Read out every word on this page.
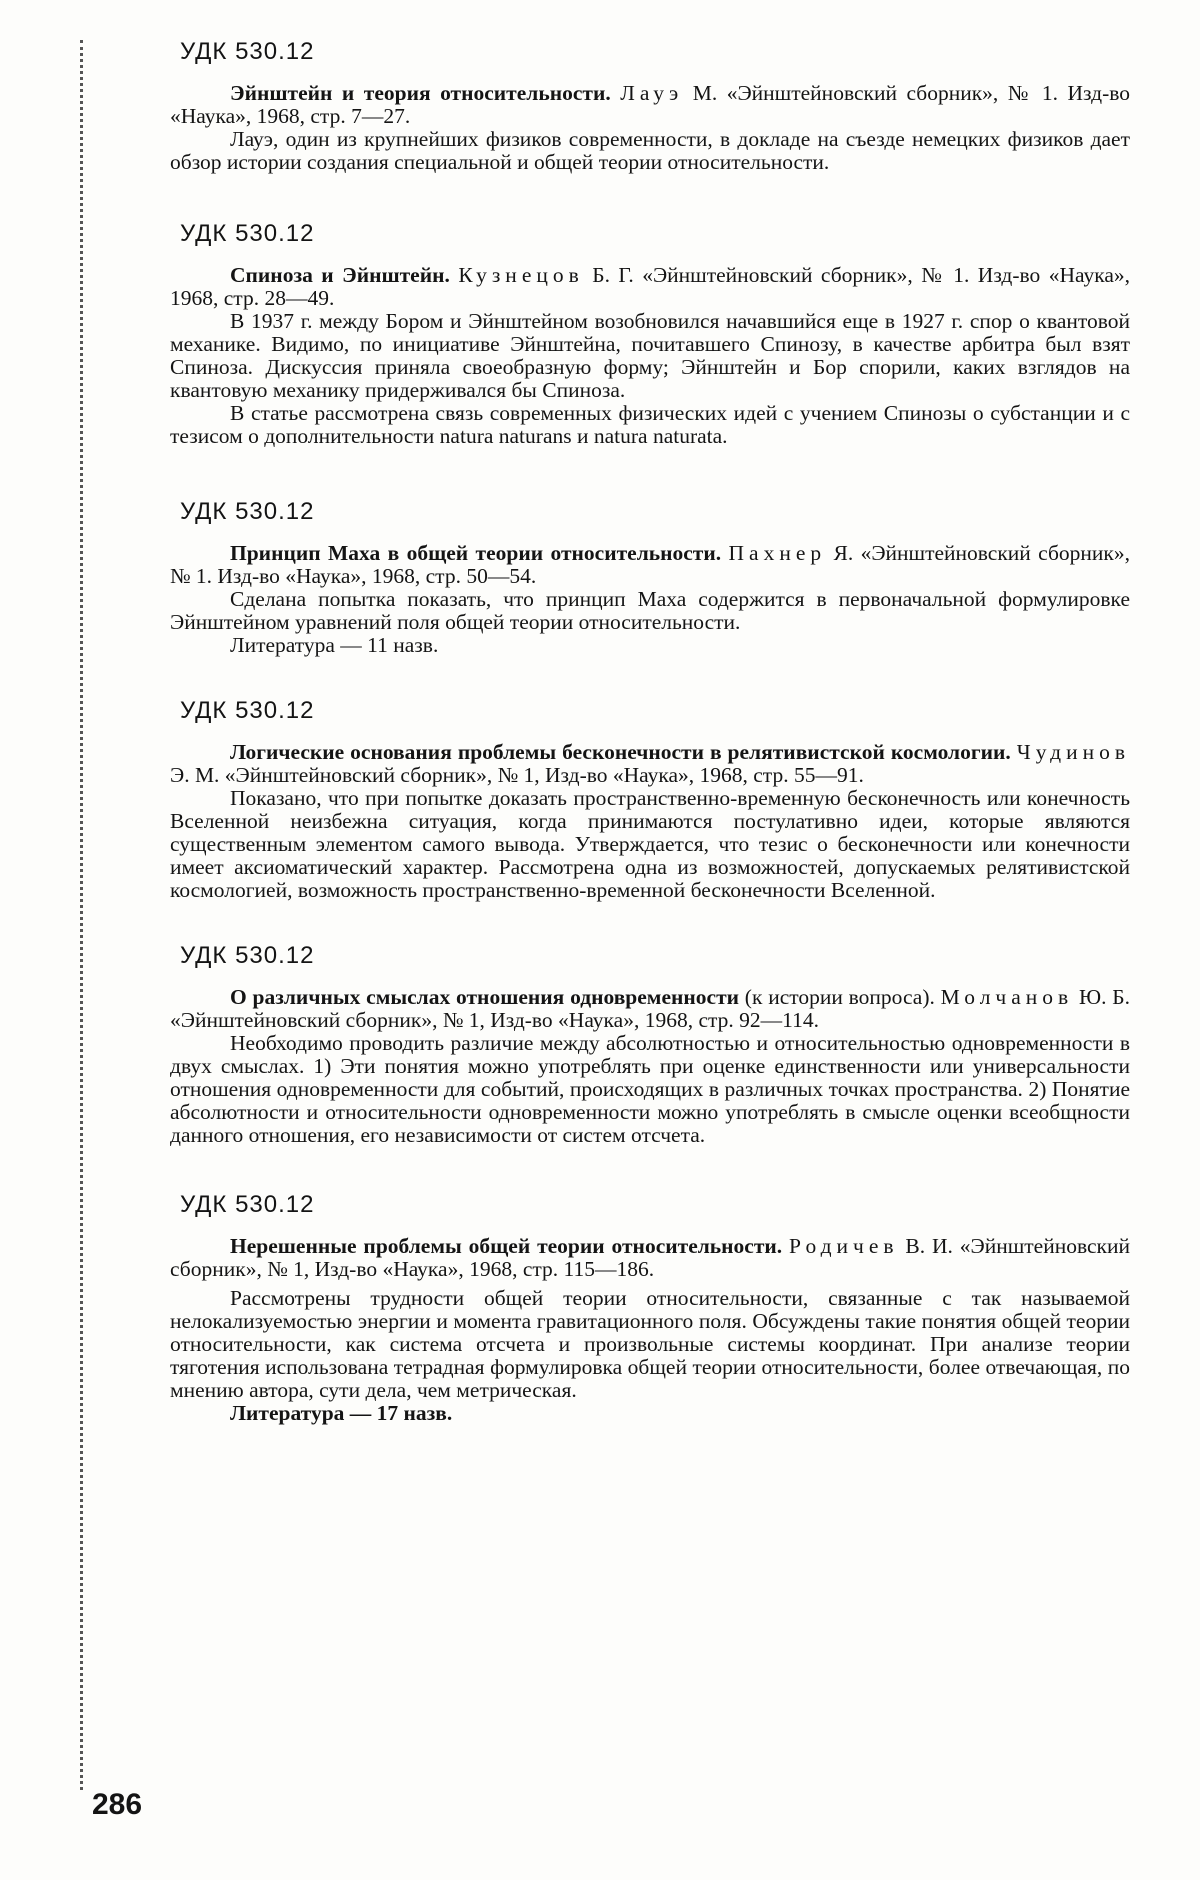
УДК 530.12

Эйнштейн и теория относительности. Лауэ М. «Эйнштейновский сборник», № 1. Изд-во «Наука», 1968, стр. 7—27.

Лауэ, один из крупнейших физиков современности, в докладе на съезде немецких физиков дает обзор истории создания специальной и общей теории относительности.

УДК 530.12

Спиноза и Эйнштейн. Кузнецов Б. Г. «Эйнштейновский сборник», № 1. Изд-во «Наука», 1968, стр. 28—49.

В 1937 г. между Бором и Эйнштейном возобновился начавшийся еще в 1927 г. спор о квантовой механике. Видимо, по инициативе Эйнштейна, почитавшего Спинозу, в качестве арбитра был взят Спиноза. Дискуссия приняла своеобразную форму; Эйнштейн и Бор спорили, каких взглядов на квантовую механику придерживался бы Спиноза.

В статье рассмотрена связь современных физических идей с учением Спинозы о субстанции и с тезисом о дополнительности natura naturans и natura naturata.

УДК 530.12

Принцип Маха в общей теории относительности. Пахнер Я. «Эйнштейновский сборник», № 1. Изд-во «Наука», 1968, стр. 50—54.

Сделана попытка показать, что принцип Маха содержится в первоначальной формулировке Эйнштейном уравнений поля общей теории относительности.

Литература — 11 назв.

УДК 530.12

Логические основания проблемы бесконечности в релятивистской космологии. Чудинов Э. М. «Эйнштейновский сборник», № 1, Изд-во «Наука», 1968, стр. 55—91.

Показано, что при попытке доказать пространственно-временную бесконечность или конечность Вселенной неизбежна ситуация, когда принимаются постулативно идеи, которые являются существенным элементом самого вывода. Утверждается, что тезис о бесконечности или конечности имеет аксиоматический характер. Рассмотрена одна из возможностей, допускаемых релятивистской космологией, возможность пространственно-временной бесконечности Вселенной.

УДК 530.12

О различных смыслах отношения одновременности (к истории вопроса). Молчанов Ю. Б. «Эйнштейновский сборник», № 1, Изд-во «Наука», 1968, стр. 92—114.

Необходимо проводить различие между абсолютностью и относительностью одновременности в двух смыслах. 1) Эти понятия можно употреблять при оценке единственности или универсальности отношения одновременности для событий, происходящих в различных точках пространства. 2) Понятие абсолютности и относительности одновременности можно употреблять в смысле оценки всеобщности данного отношения, его независимости от систем отсчета.

УДК 530.12

Нерешенные проблемы общей теории относительности. Родичев В. И. «Эйнштейновский сборник», № 1, Изд-во «Наука», 1968, стр. 115—186.

Рассмотрены трудности общей теории относительности, связанные с так называемой нелокализуемостью энергии и момента гравитационного поля. Обсуждены такие понятия общей теории относительности, как система отсчета и произвольные системы координат. При анализе теории тяготения использована тетрадная формулировка общей теории относительности, более отвечающая, по мнению автора, сути дела, чем метрическая.

Литература — 17 назв.

286
